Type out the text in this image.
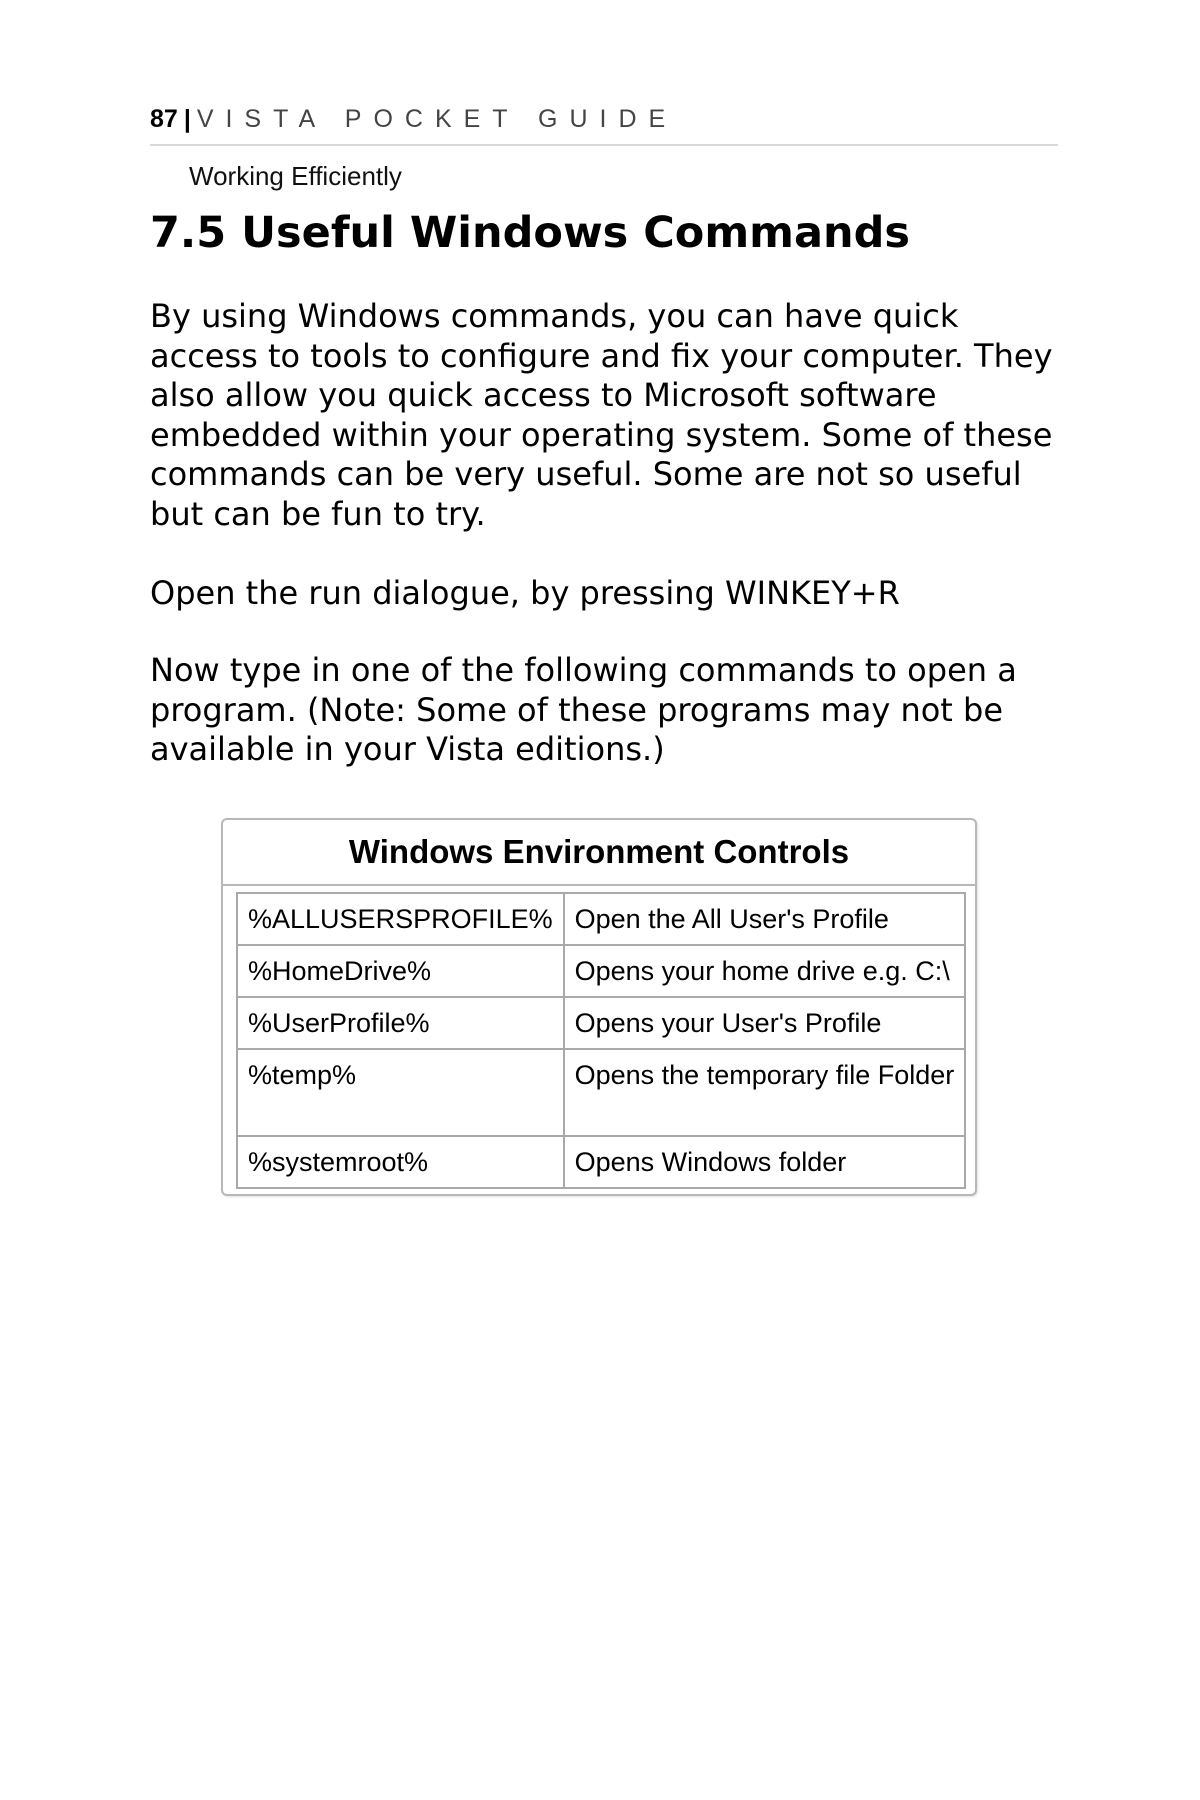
87 | VISTA POCKET GUIDE
Working Efficiently
7.5 Useful Windows Commands

By using Windows commands, you can have quick access to tools to configure and fix your computer. They also allow you quick access to Microsoft software embedded within your operating system. Some of these commands can be very useful. Some are not so useful but can be fun to try.

Open the run dialogue, by pressing WINKEY+R

Now type in one of the following commands to open a program. (Note: Some of these programs may not be available in your Vista editions.)

Windows Environment Controls
%ALLUSERSPROFILE%	Open the All User's Profile
%HomeDrive%	Opens your home drive e.g. C:\
%UserProfile%	Opens your User's Profile
%temp%	Opens the temporary file Folder
%systemroot%	Opens Windows folder
